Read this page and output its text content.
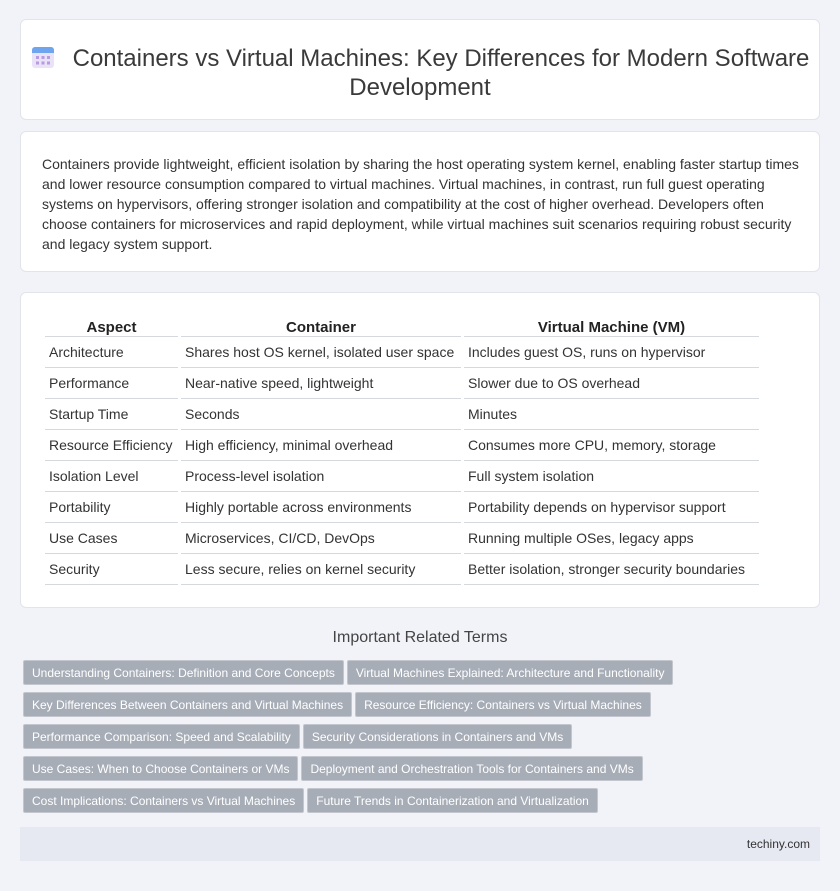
Containers vs Virtual Machines: Key Differences for Modern Software Development

Containers provide lightweight, efficient isolation by sharing the host operating system kernel, enabling faster startup times and lower resource consumption compared to virtual machines. Virtual machines, in contrast, run full guest operating systems on hypervisors, offering stronger isolation and compatibility at the cost of higher overhead. Developers often choose containers for microservices and rapid deployment, while virtual machines suit scenarios requiring robust security and legacy system support.

Aspect	Container	Virtual Machine (VM)
Architecture	Shares host OS kernel, isolated user space	Includes guest OS, runs on hypervisor
Performance	Near-native speed, lightweight	Slower due to OS overhead
Startup Time	Seconds	Minutes
Resource Efficiency	High efficiency, minimal overhead	Consumes more CPU, memory, storage
Isolation Level	Process-level isolation	Full system isolation
Portability	Highly portable across environments	Portability depends on hypervisor support
Use Cases	Microservices, CI/CD, DevOps	Running multiple OSes, legacy apps
Security	Less secure, relies on kernel security	Better isolation, stronger security boundaries
Important Related Terms
Understanding Containers: Definition and Core Concepts Virtual Machines Explained: Architecture and Functionality
Key Differences Between Containers and Virtual Machines Resource Efficiency: Containers vs Virtual Machines
Performance Comparison: Speed and Scalability Security Considerations in Containers and VMs
Use Cases: When to Choose Containers or VMs Deployment and Orchestration Tools for Containers and VMs
Cost Implications: Containers vs Virtual Machines Future Trends in Containerization and Virtualization
techiny.com
